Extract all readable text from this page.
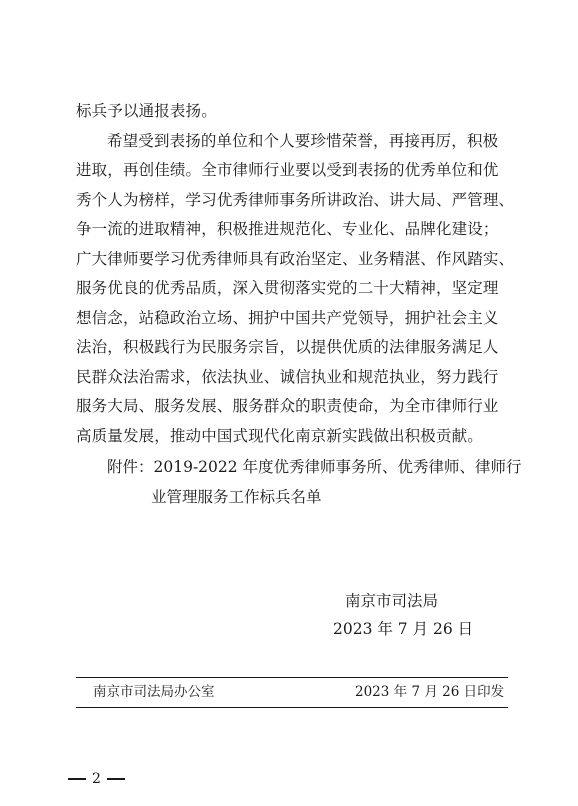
标兵予以通报表扬。
希望受到表扬的单位和个人要珍惜荣誉，再接再厉，积极
进取，再创佳绩。全市律师行业要以受到表扬的优秀单位和优
秀个人为榜样，学习优秀律师事务所讲政治、讲大局、严管理、
争一流的进取精神，积极推进规范化、专业化、品牌化建设；
广大律师要学习优秀律师具有政治坚定、业务精湛、作风踏实、
服务优良的优秀品质，深入贯彻落实党的二十大精神，坚定理
想信念，站稳政治立场、拥护中国共产党领导，拥护社会主义
法治，积极践行为民服务宗旨，以提供优质的法律服务满足人
民群众法治需求，依法执业、诚信执业和规范执业，努力践行
服务大局、服务发展、服务群众的职责使命，为全市律师行业
高质量发展，推动中国式现代化南京新实践做出积极贡献。
附件：2019-2022 年度优秀律师事务所、优秀律师、律师行
业管理服务工作标兵名单
南京市司法局
2023 年 7 月 26 日
南京市司法局办公室	2023 年 7 月 26 日印发
2
